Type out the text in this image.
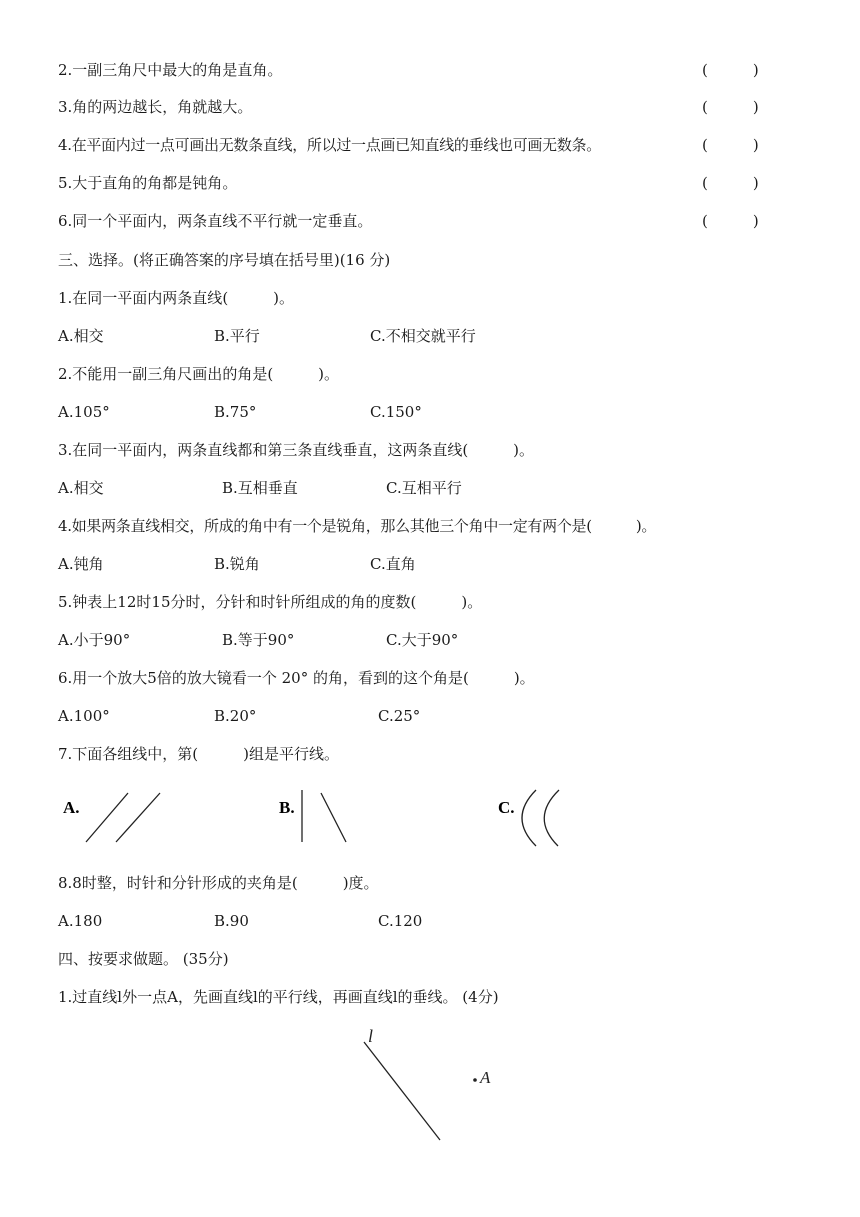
2.一副三角尺中最大的角是直角。	(　　　)
3.角的两边越长，角就越大。	(　　　)
4.在平面内过一点可画出无数条直线，所以过一点画已知直线的垂线也可画无数条。	(　　　)
5.大于直角的角都是钝角。	(　　　)
6.同一个平面内，两条直线不平行就一定垂直。	(　　　)
三、选择。(将正确答案的序号填在括号里)(16 分)
1.在同一平面内两条直线(　　　)。
A.相交	B.平行	C.不相交就平行
2.不能用一副三角尺画出的角是(　　　)。
A.105°	B.75°	C.150°
3.在同一平面内，两条直线都和第三条直线垂直，这两条直线(　　　)。
A.相交	B.互相垂直	C.互相平行
4.如果两条直线相交，所成的角中有一个是锐角，那么其他三个角中一定有两个是(　　　)。
A.钝角	B.锐角	C.直角
5.钟表上12时15分时，分针和时针所组成的角的度数(　　　)。
A.小于90°	B.等于90°	C.大于90°
6.用一个放大5倍的放大镜看一个 20° 的角，看到的这个角是(　　　)。
A.100°	B.20°	C.25°
7.下面各组线中，第(　　　)组是平行线。
A.	B.	C.
8.8时整，时针和分针形成的夹角是(　　　)度。
A.180	B.90	C.120
四、按要求做题。 (35分)
1.过直线l外一点A，先画直线l的平行线，再画直线l的垂线。 (4分)
l
A
